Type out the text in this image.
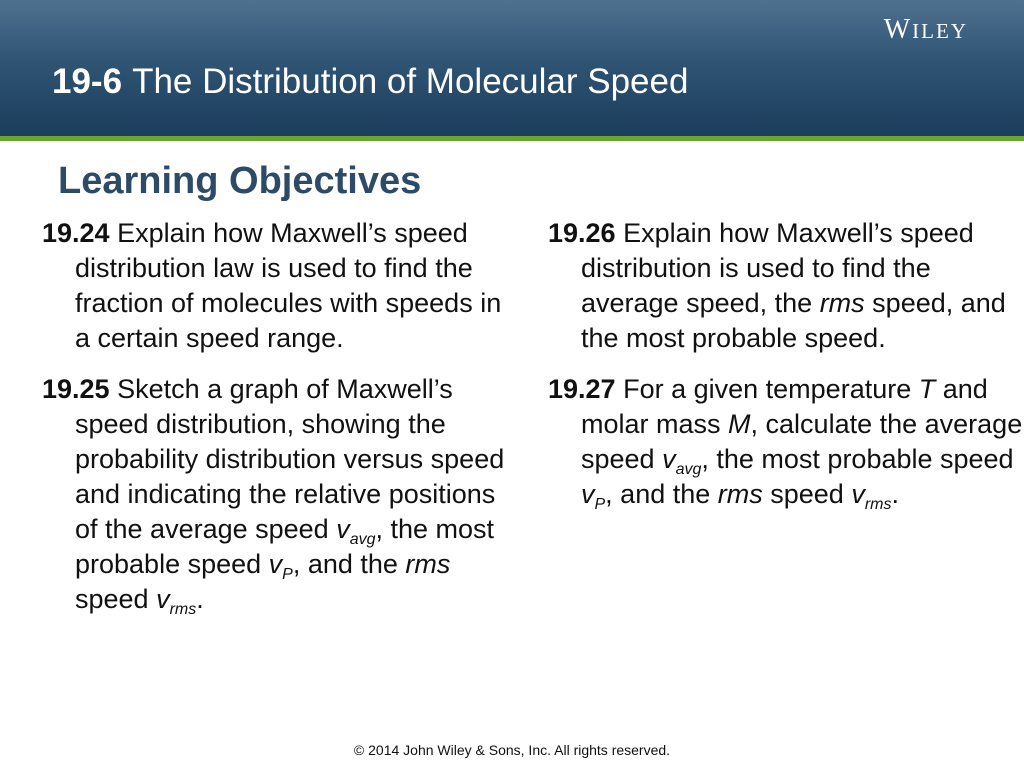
WILEY
19-6 The Distribution of Molecular Speed
Learning Objectives

19.24 Explain how Maxwell’s speed distribution law is used to find the fraction of molecules with speeds in a certain speed range.

19.25 Sketch a graph of Maxwell’s speed distribution, showing the probability distribution versus speed and indicating the relative positions of the average speed $v_{avg}$, the most probable speed $v_P$, and the rms speed $v_{rms}$.

19.26 Explain how Maxwell’s speed distribution is used to find the average speed, the rms speed, and the most probable speed.

19.27 For a given temperature T and molar mass M, calculate the average speed $v_{avg}$, the most probable speed $v_P$, and the rms speed $v_{rms}$.

© 2014 John Wiley & Sons, Inc. All rights reserved.
